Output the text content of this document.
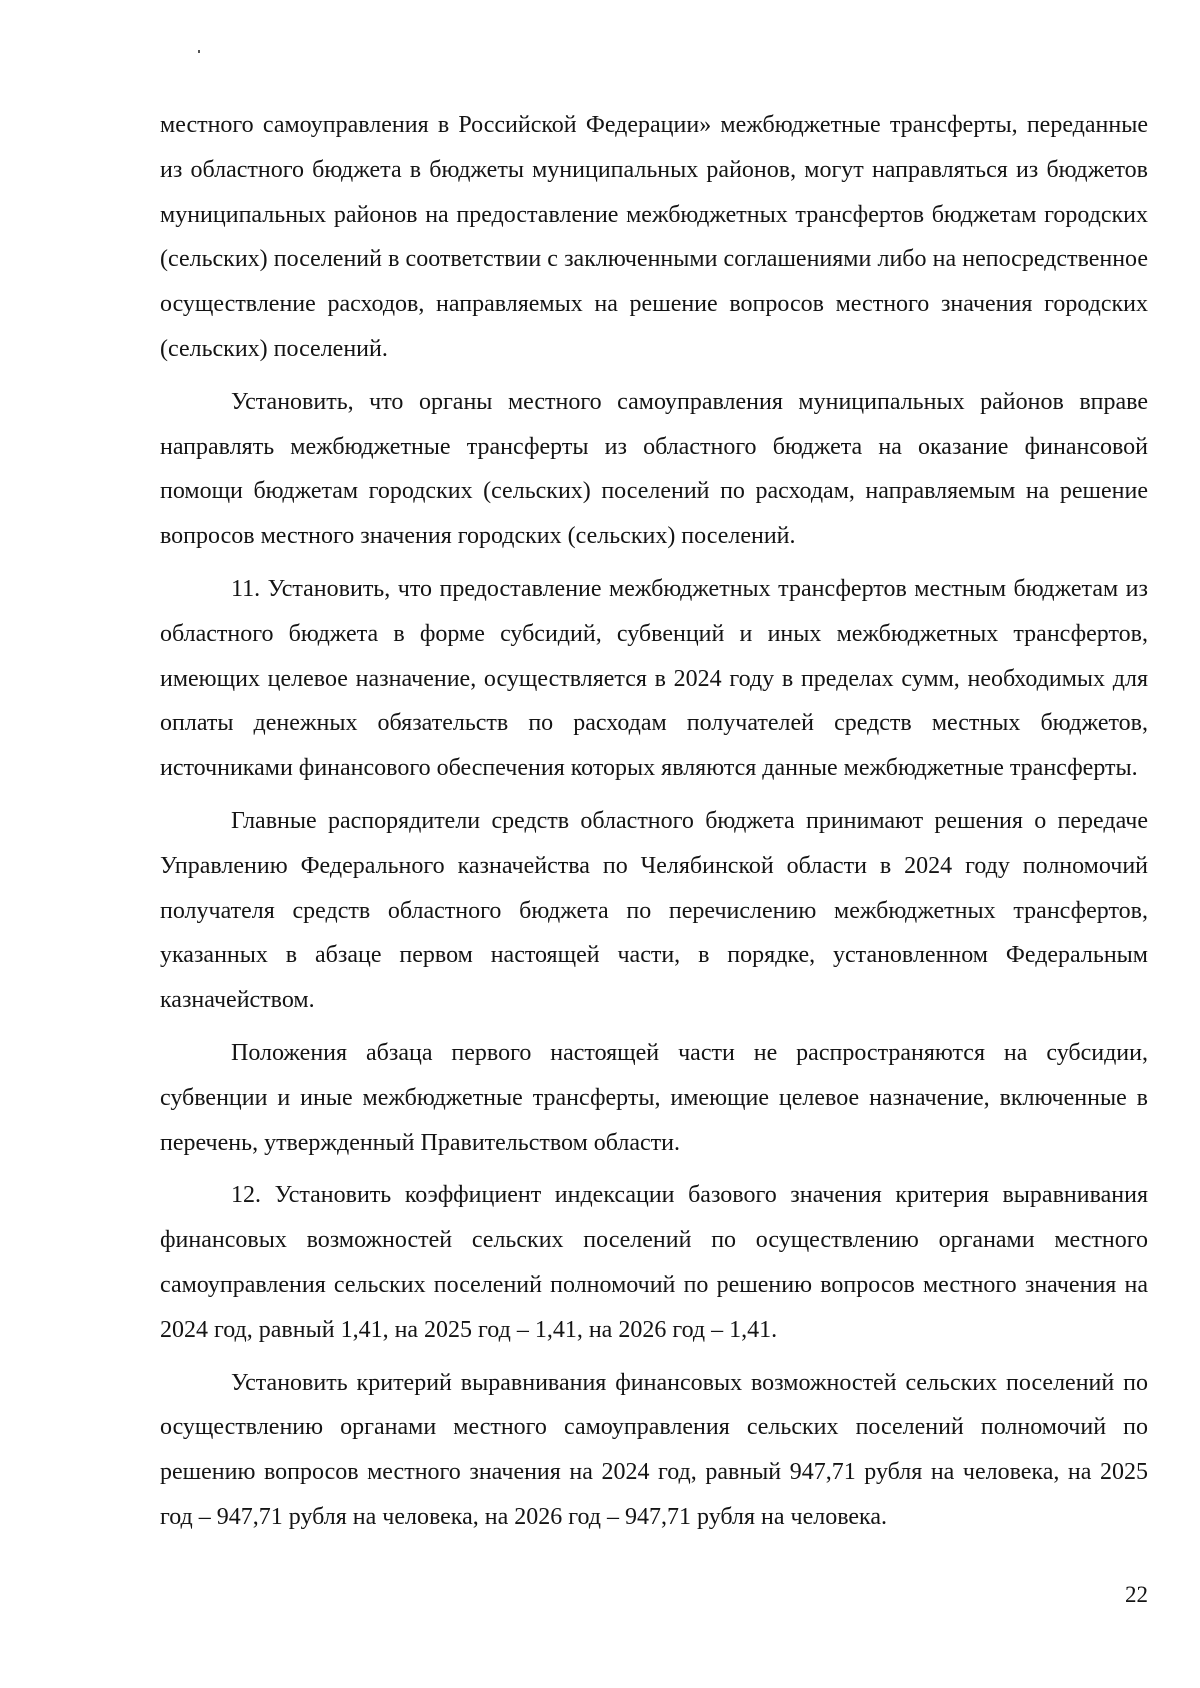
местного самоуправления в Российской Федерации» межбюджетные трансферты, переданные из областного бюджета в бюджеты муниципальных районов, могут направляться из бюджетов муниципальных районов на предоставление межбюджетных трансфертов бюджетам городских (сельских) поселений в соответствии с заключенными соглашениями либо на непосредственное осуществление расходов, направляемых на решение вопросов местного значения городских (сельских) поселений.

Установить, что органы местного самоуправления муниципальных районов вправе направлять межбюджетные трансферты из областного бюджета на оказание финансовой помощи бюджетам городских (сельских) поселений по расходам, направляемым на решение вопросов местного значения городских (сельских) поселений.

11. Установить, что предоставление межбюджетных трансфертов местным бюджетам из областного бюджета в форме субсидий, субвенций и иных межбюджетных трансфертов, имеющих целевое назначение, осуществляется в 2024 году в пределах сумм, необходимых для оплаты денежных обязательств по расходам получателей средств местных бюджетов, источниками финансового обеспечения которых являются данные межбюджетные трансферты.

Главные распорядители средств областного бюджета принимают решения о передаче Управлению Федерального казначейства по Челябинской области в 2024 году полномочий получателя средств областного бюджета по перечислению межбюджетных трансфертов, указанных в абзаце первом настоящей части, в порядке, установленном Федеральным казначейством.

Положения абзаца первого настоящей части не распространяются на субсидии, субвенции и иные межбюджетные трансферты, имеющие целевое назначение, включенные в перечень, утвержденный Правительством области.

12. Установить коэффициент индексации базового значения критерия выравнивания финансовых возможностей сельских поселений по осуществлению органами местного самоуправления сельских поселений полномочий по решению вопросов местного значения на 2024 год, равный 1,41, на 2025 год – 1,41, на 2026 год – 1,41.

Установить критерий выравнивания финансовых возможностей сельских поселений по осуществлению органами местного самоуправления сельских поселений полномочий по решению вопросов местного значения на 2024 год, равный 947,71 рубля на человека, на 2025 год – 947,71 рубля на человека, на 2026 год – 947,71 рубля на человека.

22
